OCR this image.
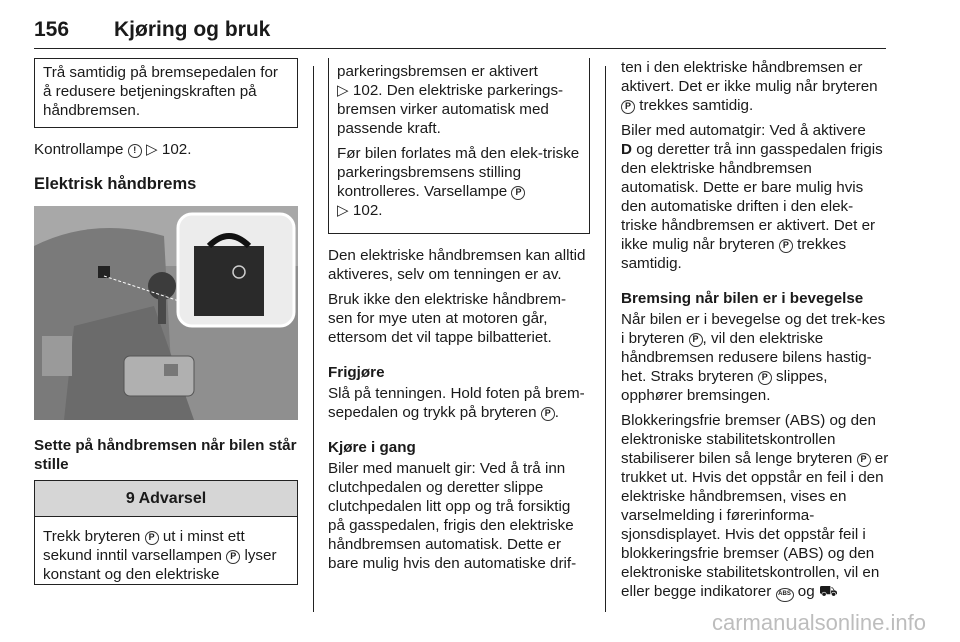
156 Kjøring og bruk
Trå samtidig på bremsepedalen for å redusere betjeningskraften på håndbremsen.

Kontrollampe ! ▷ 102.

Elektrisk håndbrems
Sette på håndbremsen når bilen står stille
9 Advarsel
Trekk bryteren P ut i minst ett sekund inntil varsellampen P lyser konstant og den elektriske

parkeringsbremsen er aktivert
▷ 102. Den elektriske parkerings-bremsen virker automatisk med passende kraft.

Før bilen forlates må den elek-triske parkeringsbremsens stilling kontrolleres. Varsellampe P
▷ 102.

Den elektriske håndbremsen kan alltid aktiveres, selv om tenningen er av.

Bruk ikke den elektriske håndbrem-sen for mye uten at motoren går, ettersom det vil tappe bilbatteriet.

Frigjøre

Slå på tenningen. Hold foten på brem-sepedalen og trykk på bryteren P .

Kjøre i gang

Biler med manuelt gir: Ved å trå inn clutchpedalen og deretter slippe clutchpedalen litt opp og trå forsiktig på gasspedalen, frigis den elektriske håndbremsen automatisk. Dette er bare mulig hvis den automatiske drif-

ten i den elektriske håndbremsen er aktivert. Det er ikke mulig når bryteren P trekkes samtidig.

Biler med automatgir: Ved å aktivere
D og deretter trå inn gasspedalen frigis den elektriske håndbremsen automatisk. Dette er bare mulig hvis den automatiske driften i den elek-triske håndbremsen er aktivert. Det er ikke mulig når bryteren P trekkes samtidig.

Bremsing når bilen er i bevegelse

Når bilen er i bevegelse og det trek-kes i bryteren P , vil den elektriske håndbremsen redusere bilens hastig-het. Straks bryteren P slippes, opphører bremsingen.

Blokkeringsfrie bremser (ABS) og den elektroniske stabilitetskontrollen stabiliserer bilen så lenge bryteren P er trukket ut. Hvis det oppstår en feil i den elektriske håndbremsen, vises en varselmelding i førerinforma-sjonsdisplayet. Hvis det oppstår feil i blokkeringsfrie bremser (ABS) og den elektroniske stabilitetskontrollen, vil en eller begge indikatorer ABS og ⛟

carmanualsonline.info
